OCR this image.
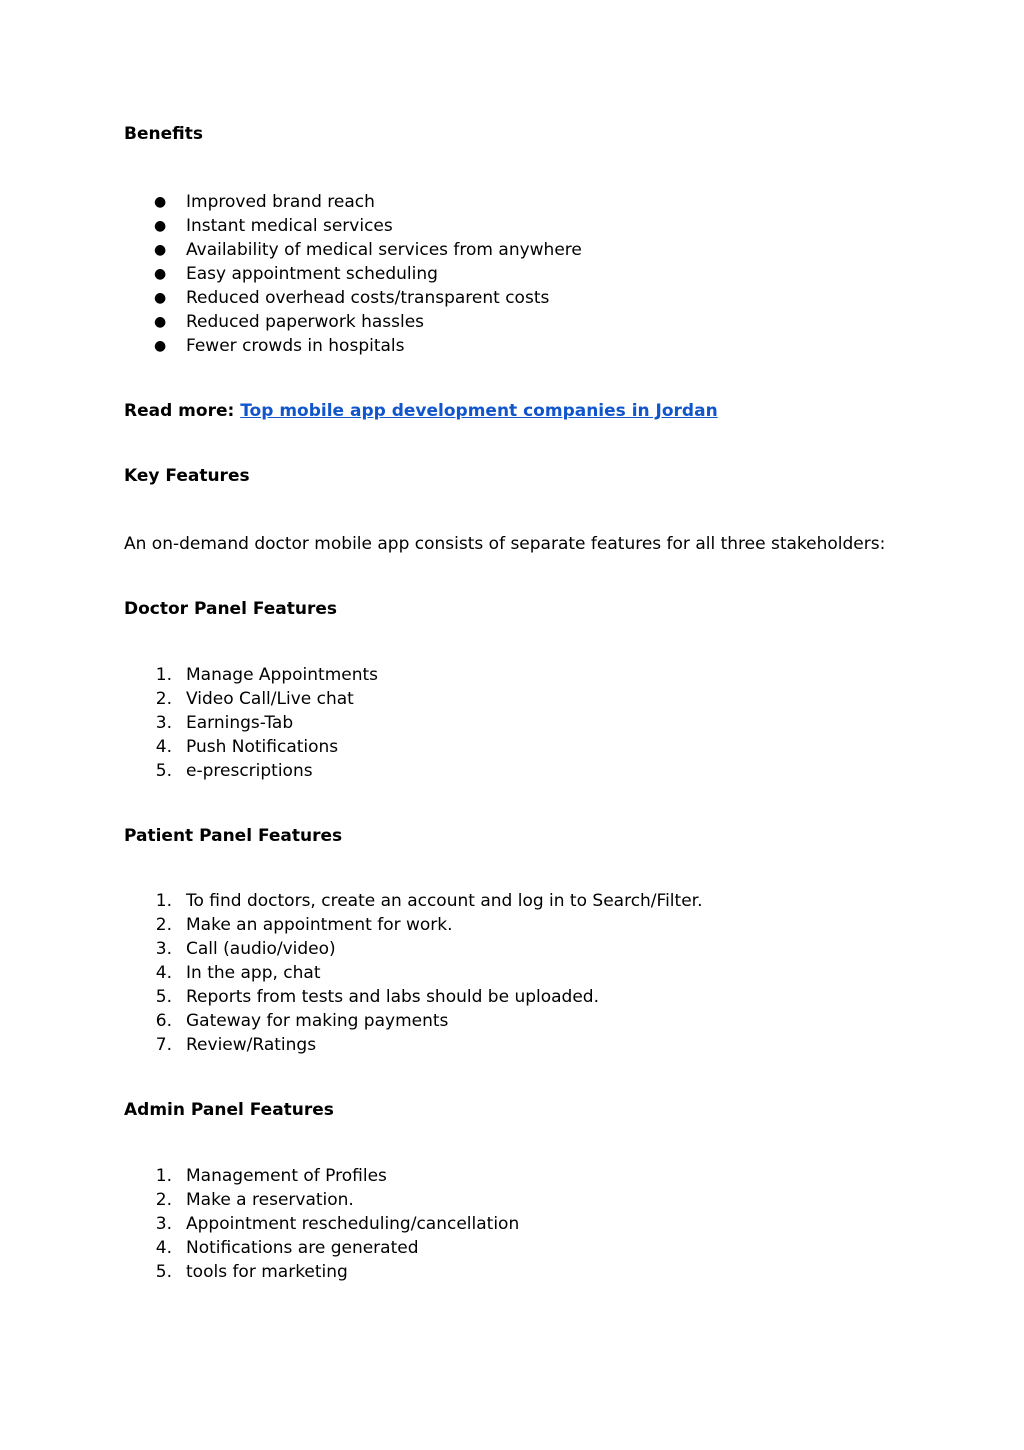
Benefits
● Improved brand reach
● Instant medical services
● Availability of medical services from anywhere
● Easy appointment scheduling
● Reduced overhead costs/transparent costs
● Reduced paperwork hassles
● Fewer crowds in hospitals
Read more: Top mobile app development companies in Jordan
Key Features
An on-demand doctor mobile app consists of separate features for all three stakeholders:
Doctor Panel Features
1. Manage Appointments
2. Video Call/Live chat
3. Earnings-Tab
4. Push Notifications
5. e-prescriptions
Patient Panel Features
1. To find doctors, create an account and log in to Search/Filter.
2. Make an appointment for work.
3. Call (audio/video)
4. In the app, chat
5. Reports from tests and labs should be uploaded.
6. Gateway for making payments
7. Review/Ratings
Admin Panel Features
1. Management of Profiles
2. Make a reservation.
3. Appointment rescheduling/cancellation
4. Notifications are generated
5. tools for marketing
